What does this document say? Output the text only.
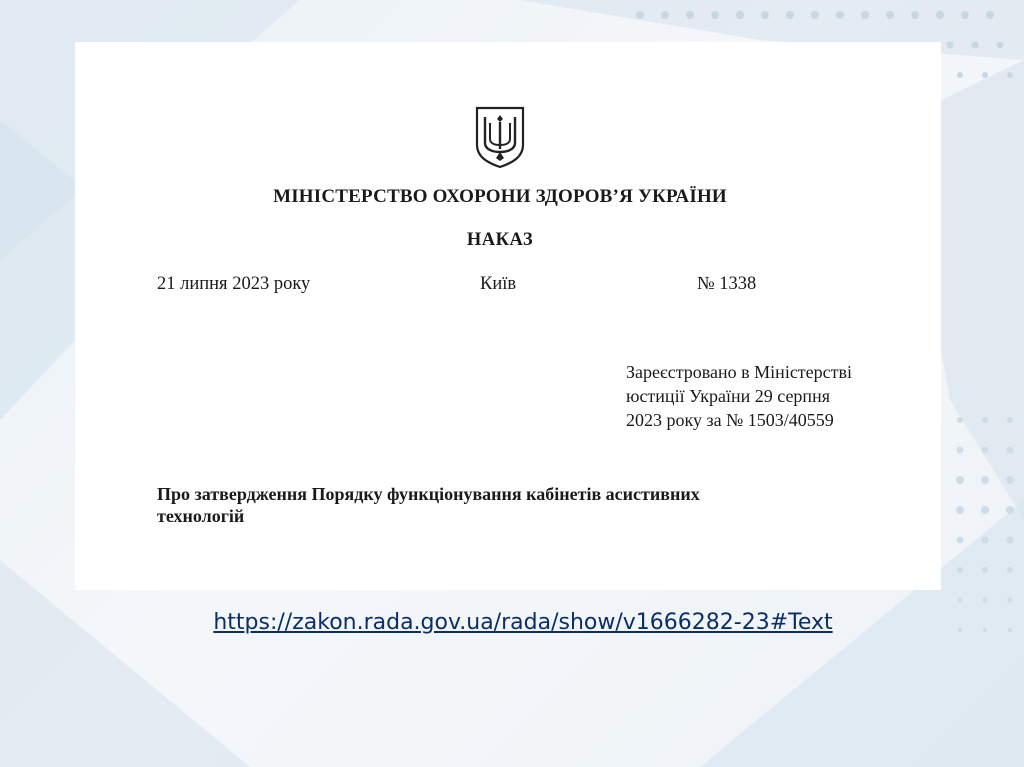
МІНІСТЕРСТВО ОХОРОНИ ЗДОРОВ’Я УКРАЇНИ
НАКАЗ
21 липня 2023 року	Київ	№ 1338
Зареєстровано в Міністерстві
юстиції України 29 серпня
2023 року за № 1503/40559
Про затвердження Порядку функціонування кабінетів асистивних
технологій
https://zakon.rada.gov.ua/rada/show/v1666282-23#Text
